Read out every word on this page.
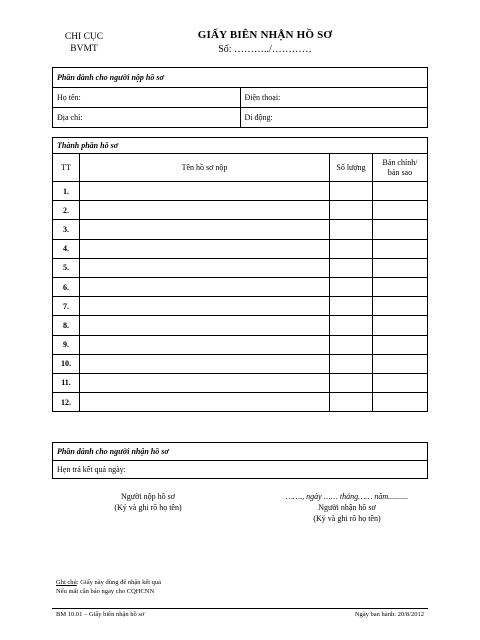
CHI CỤC
BVMT
GIẤY BIÊN NHẬN HỒ SƠ
Số: ………../…………
Phần dành cho người nộp hồ sơ	
Họ tên:	Điện thoại:
Địa chỉ:	Di động:
Thành phần hồ sơ			
TT	Tên hồ sơ nộp	Số lượng	Bản chính/
bản sao
1.			
2.			
3.			
4.			
5.			
6.			
7.			
8.			
9.			
10.			
11.			
12.			
Phần dành cho người nhận hồ sơ
Hẹn trả kết quả ngày:
Người nộp hồ sơ
(Ký và ghi rõ họ tên)
……., ngày …… tháng…… năm..........
Người nhận hồ sơ
(Ký và ghi rõ họ tên)
Ghi chú: Giấy này dùng để nhận kết quả
Nếu mất cần báo ngay cho CQHCNN
BM 10.01 – Giấy biên nhận hồ sơ	Ngày ban hành: 20/8/2012
